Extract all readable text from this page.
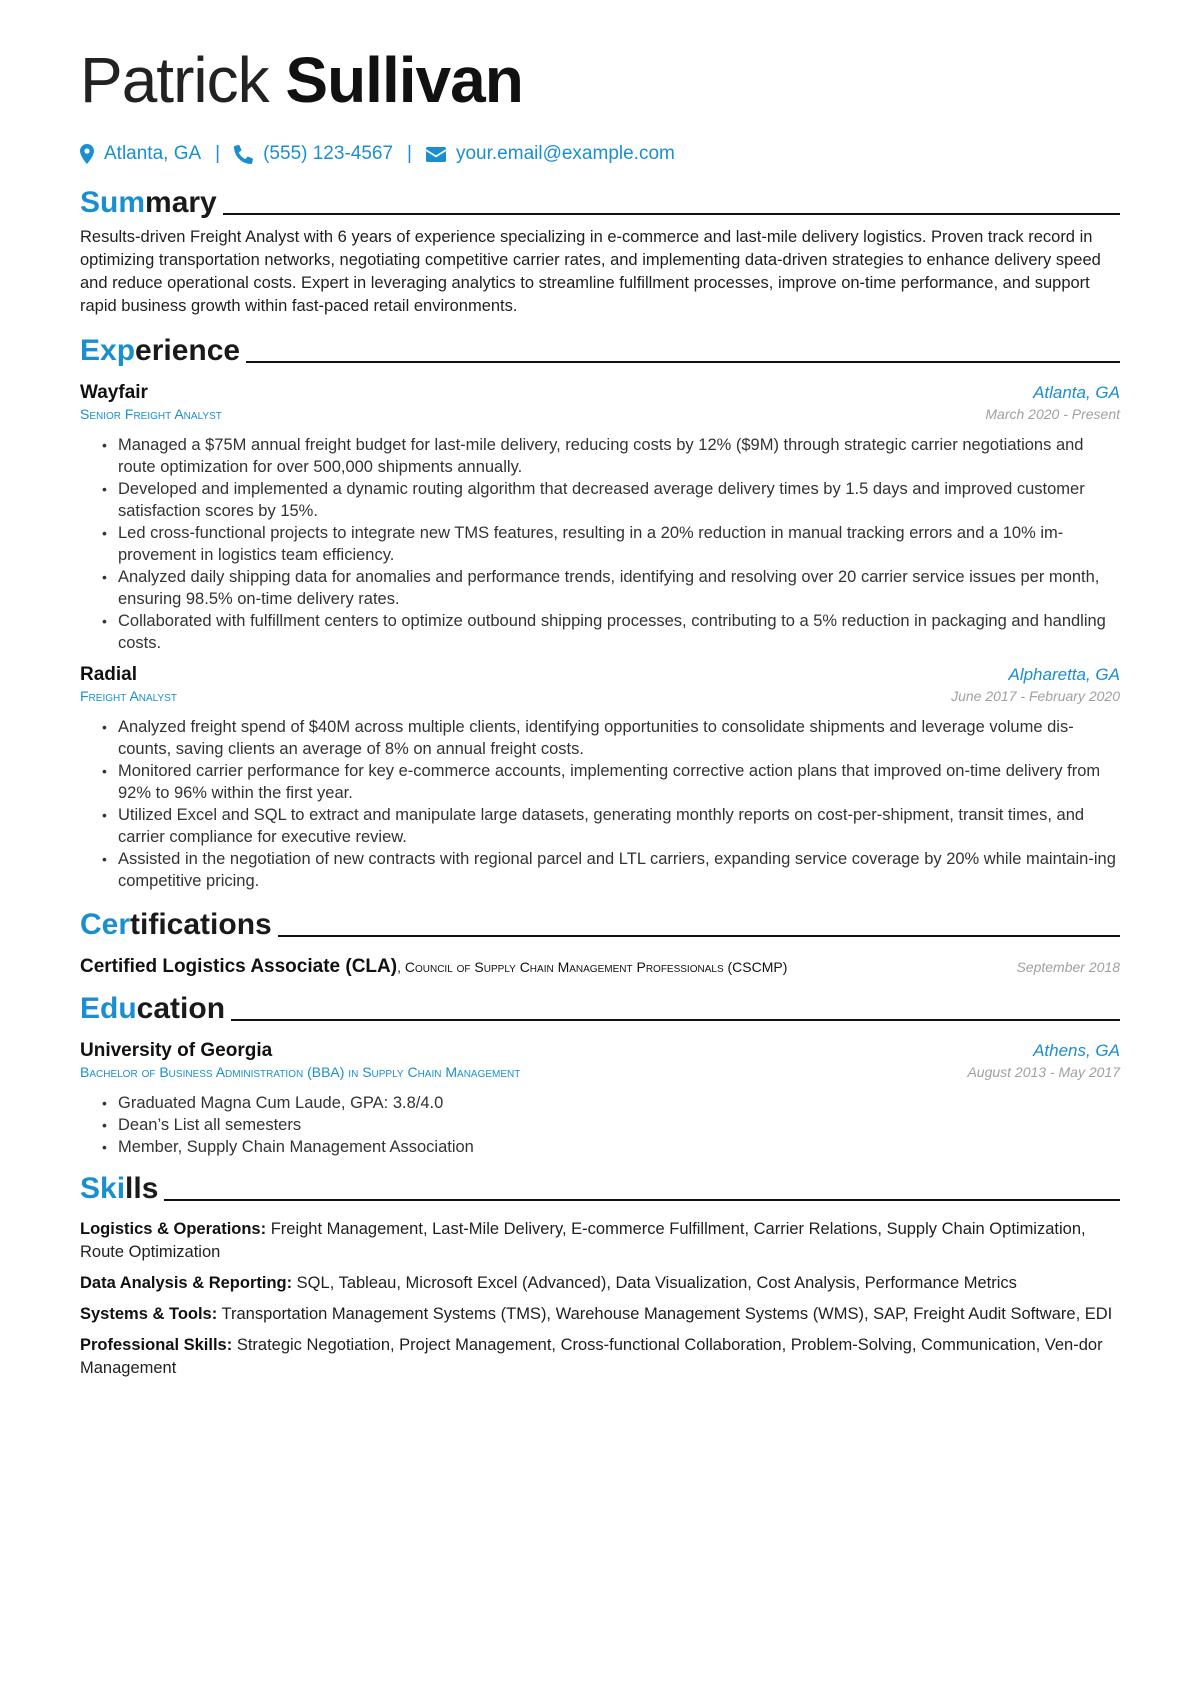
Patrick Sullivan
Atlanta, GA | (555) 123-4567 | your.email@example.com
Summary

Results-driven Freight Analyst with 6 years of experience specializing in e-commerce and last-mile delivery logistics. Proven track record in optimizing transportation networks, negotiating competitive carrier rates, and implementing data-driven strategies to enhance delivery speed and reduce operational costs. Expert in leveraging analytics to streamline fulfillment processes, improve on-time performance, and support rapid business growth within fast-paced retail environments.

Experience
Wayfair	Atlanta, GA
Senior Freight Analyst	March 2020 - Present
• Managed a $75M annual freight budget for last-mile delivery, reducing costs by 12% ($9M) through strategic carrier negotiations and route optimization for over 500,000 shipments annually.
• Developed and implemented a dynamic routing algorithm that decreased average delivery times by 1.5 days and improved customer satisfaction scores by 15%.
• Led cross-functional projects to integrate new TMS features, resulting in a 20% reduction in manual tracking errors and a 10% im-provement in logistics team efficiency.
• Analyzed daily shipping data for anomalies and performance trends, identifying and resolving over 20 carrier service issues per month, ensuring 98.5% on-time delivery rates.
• Collaborated with fulfillment centers to optimize outbound shipping processes, contributing to a 5% reduction in packaging and handling costs.
Radial	Alpharetta, GA
Freight Analyst	June 2017 - February 2020
• Analyzed freight spend of $40M across multiple clients, identifying opportunities to consolidate shipments and leverage volume dis-counts, saving clients an average of 8% on annual freight costs.
• Monitored carrier performance for key e-commerce accounts, implementing corrective action plans that improved on-time delivery from 92% to 96% within the first year.
• Utilized Excel and SQL to extract and manipulate large datasets, generating monthly reports on cost-per-shipment, transit times, and carrier compliance for executive review.
• Assisted in the negotiation of new contracts with regional parcel and LTL carriers, expanding service coverage by 20% while maintain-ing competitive pricing.
Certifications
Certified Logistics Associate (CLA), Council of Supply Chain Management Professionals (CSCMP)	September 2018
Education
University of Georgia	Athens, GA
Bachelor of Business Administration (BBA) in Supply Chain Management	August 2013 - May 2017
• Graduated Magna Cum Laude, GPA: 3.8/4.0
• Dean’s List all semesters
• Member, Supply Chain Management Association
Skills

Logistics & Operations: Freight Management, Last-Mile Delivery, E-commerce Fulfillment, Carrier Relations, Supply Chain Optimization, Route Optimization

Data Analysis & Reporting: SQL, Tableau, Microsoft Excel (Advanced), Data Visualization, Cost Analysis, Performance Metrics

Systems & Tools: Transportation Management Systems (TMS), Warehouse Management Systems (WMS), SAP, Freight Audit Software, EDI

Professional Skills: Strategic Negotiation, Project Management, Cross-functional Collaboration, Problem-Solving, Communication, Ven-dor Management
